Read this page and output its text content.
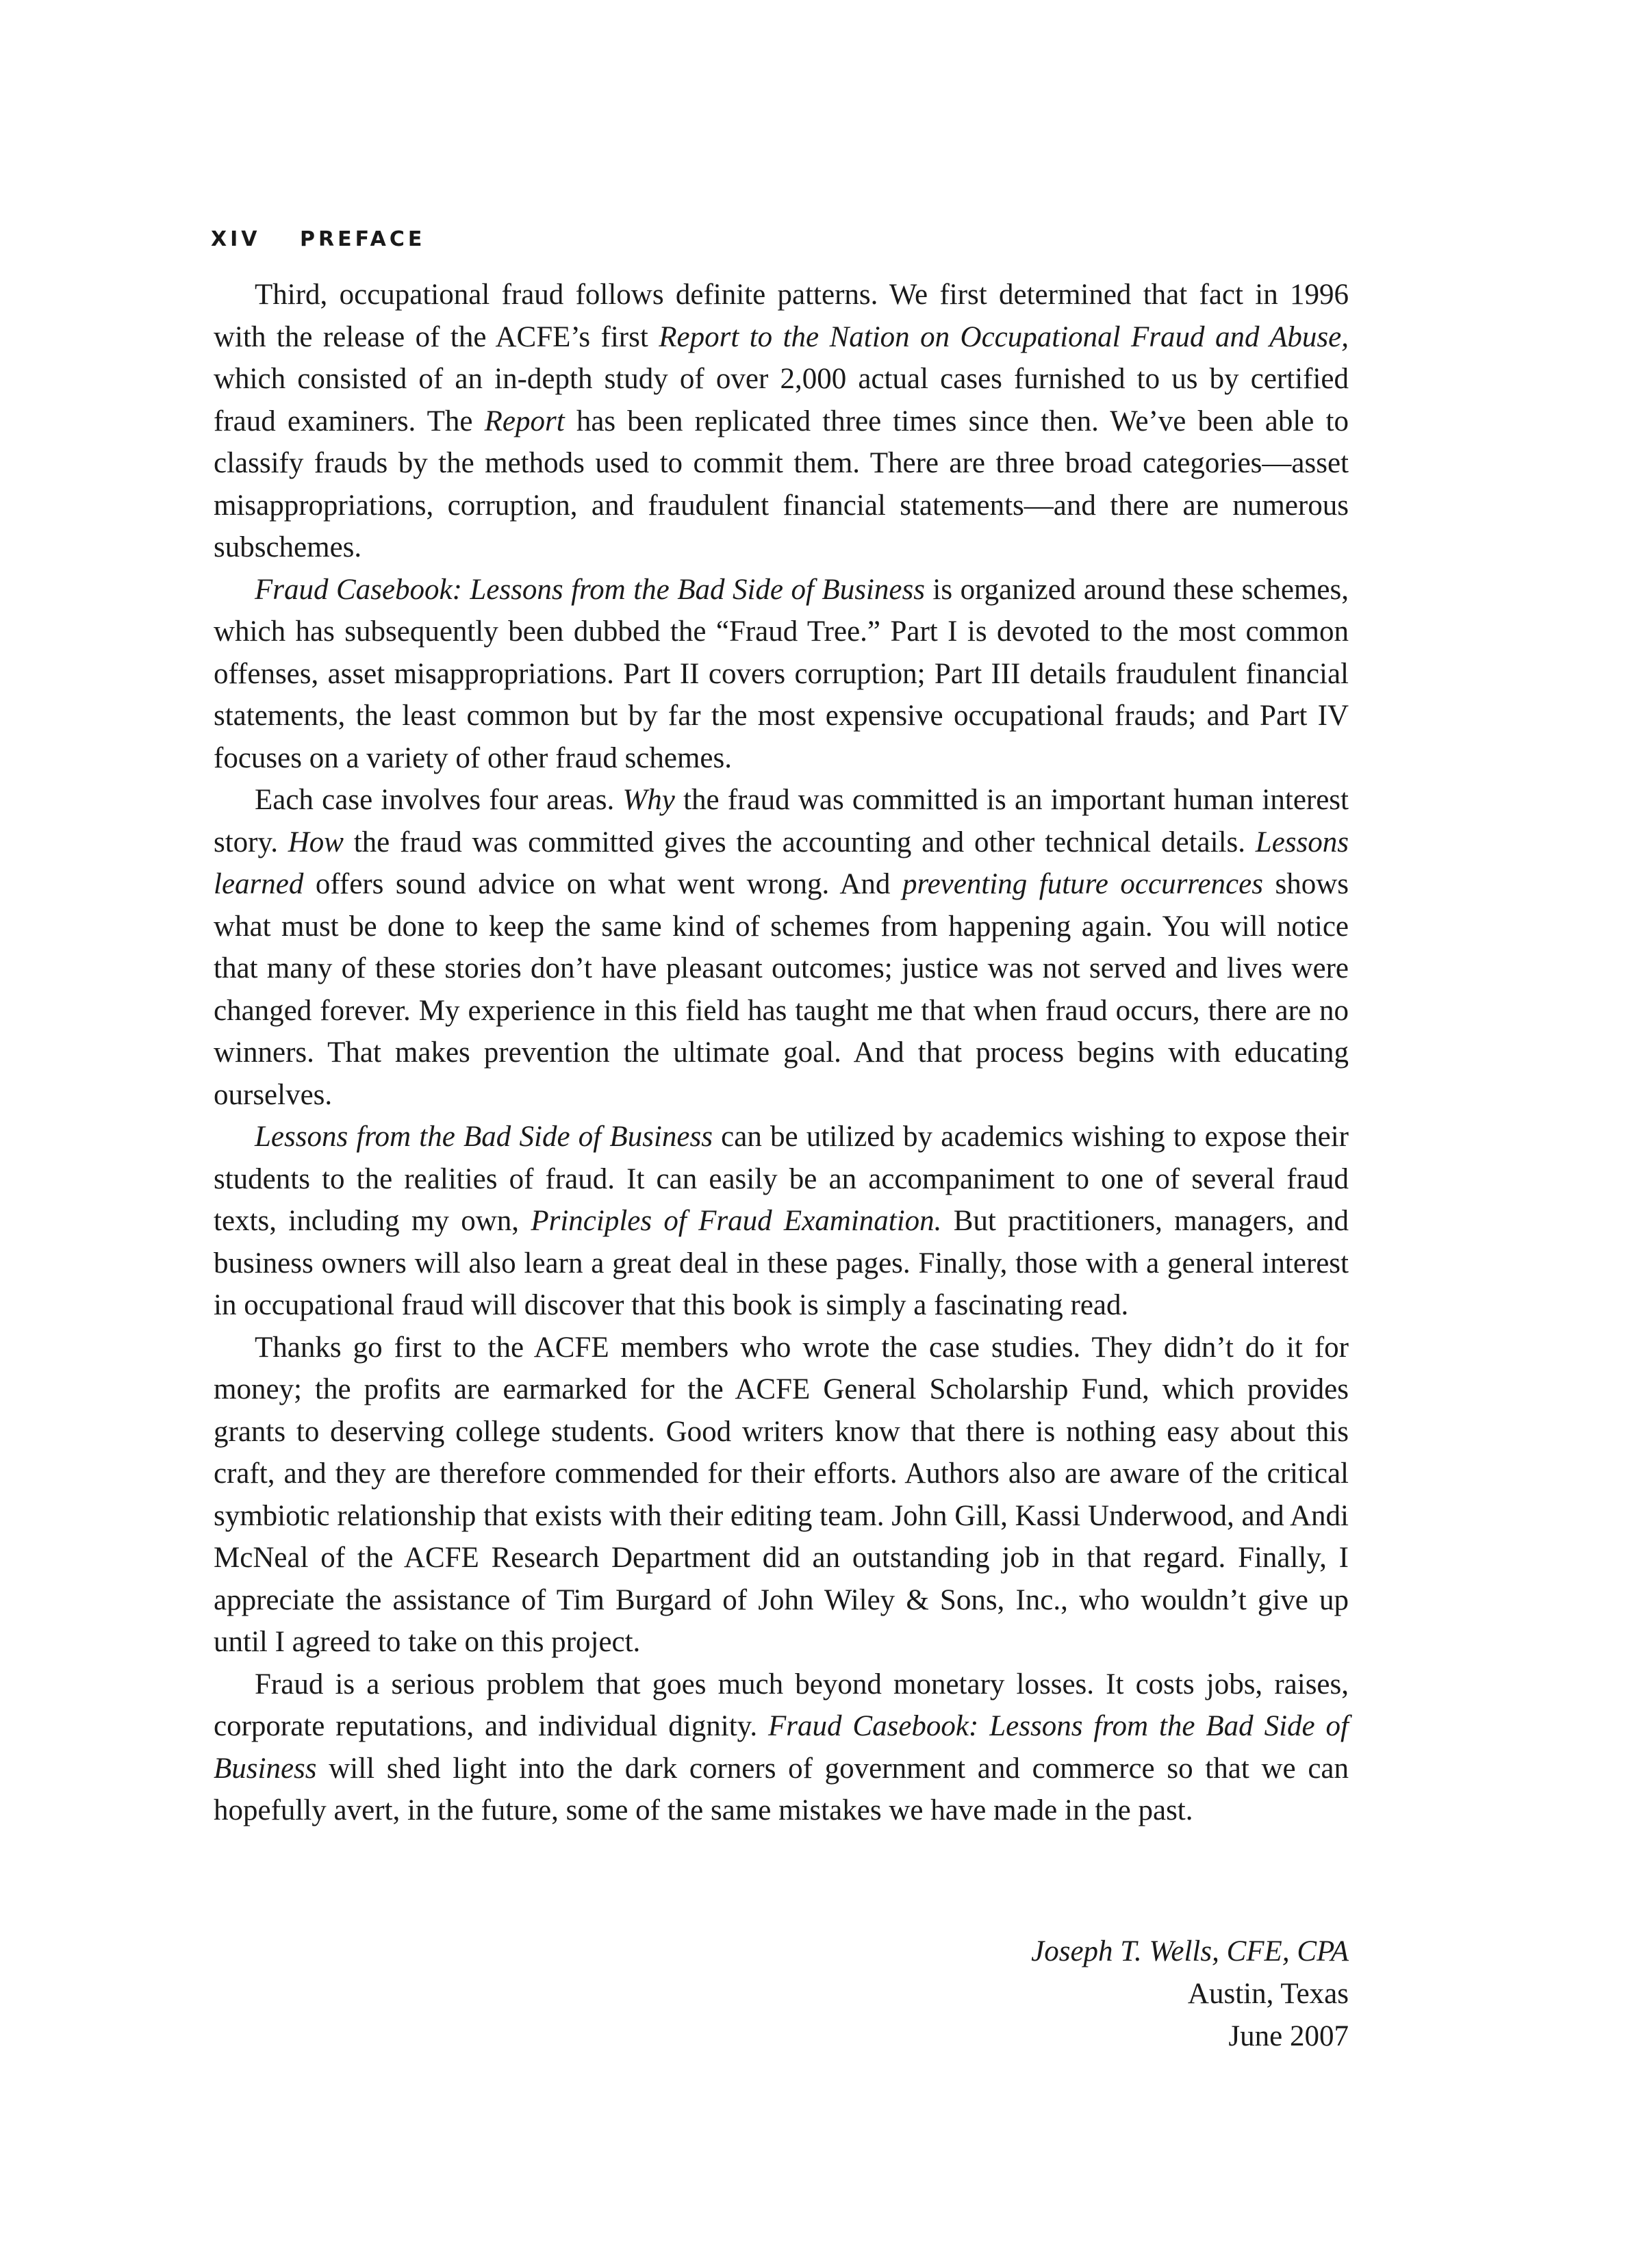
XIV PREFACE

Third, occupational fraud follows definite patterns. We first determined that fact in 1996 with the release of the ACFE’s first Report to the Nation on Occupational Fraud and Abuse, which consisted of an in-depth study of over 2,000 actual cases furnished to us by certified fraud examiners. The Report has been replicated three times since then. We’ve been able to classify frauds by the methods used to commit them. There are three broad categories—asset misappropriations, corruption, and fraudulent financial statements—and there are numerous subschemes.

Fraud Casebook: Lessons from the Bad Side of Business is organized around these schemes, which has subsequently been dubbed the “Fraud Tree.” Part I is devoted to the most common offenses, asset misappropriations. Part II covers corruption; Part III details fraudulent financial statements, the least common but by far the most expensive occupational frauds; and Part IV focuses on a variety of other fraud schemes.

Each case involves four areas. Why the fraud was committed is an important human interest story. How the fraud was committed gives the accounting and other technical details. Lessons learned offers sound advice on what went wrong. And preventing future occurrences shows what must be done to keep the same kind of schemes from happening again. You will notice that many of these stories don’t have pleasant outcomes; justice was not served and lives were changed forever. My experience in this field has taught me that when fraud occurs, there are no winners. That makes prevention the ultimate goal. And that process begins with educating ourselves.

Lessons from the Bad Side of Business can be utilized by academics wishing to expose their students to the realities of fraud. It can easily be an accompaniment to one of several fraud texts, including my own, Principles of Fraud Examination. But practitioners, managers, and business owners will also learn a great deal in these pages. Finally, those with a general interest in occupational fraud will discover that this book is simply a fascinating read.

Thanks go first to the ACFE members who wrote the case studies. They didn’t do it for money; the profits are earmarked for the ACFE General Scholarship Fund, which provides grants to deserving college students. Good writers know that there is nothing easy about this craft, and they are therefore commended for their efforts. Authors also are aware of the critical symbiotic relationship that exists with their editing team. John Gill, Kassi Underwood, and Andi McNeal of the ACFE Research Department did an outstanding job in that regard. Finally, I appreciate the assistance of Tim Burgard of John Wiley & Sons, Inc., who wouldn’t give up until I agreed to take on this project.

Fraud is a serious problem that goes much beyond monetary losses. It costs jobs, raises, corporate reputations, and individual dignity. Fraud Casebook: Lessons from the Bad Side of Business will shed light into the dark corners of government and commerce so that we can hopefully avert, in the future, some of the same mistakes we have made in the past.

Joseph T. Wells, CFE, CPA
Austin, Texas
June 2007
